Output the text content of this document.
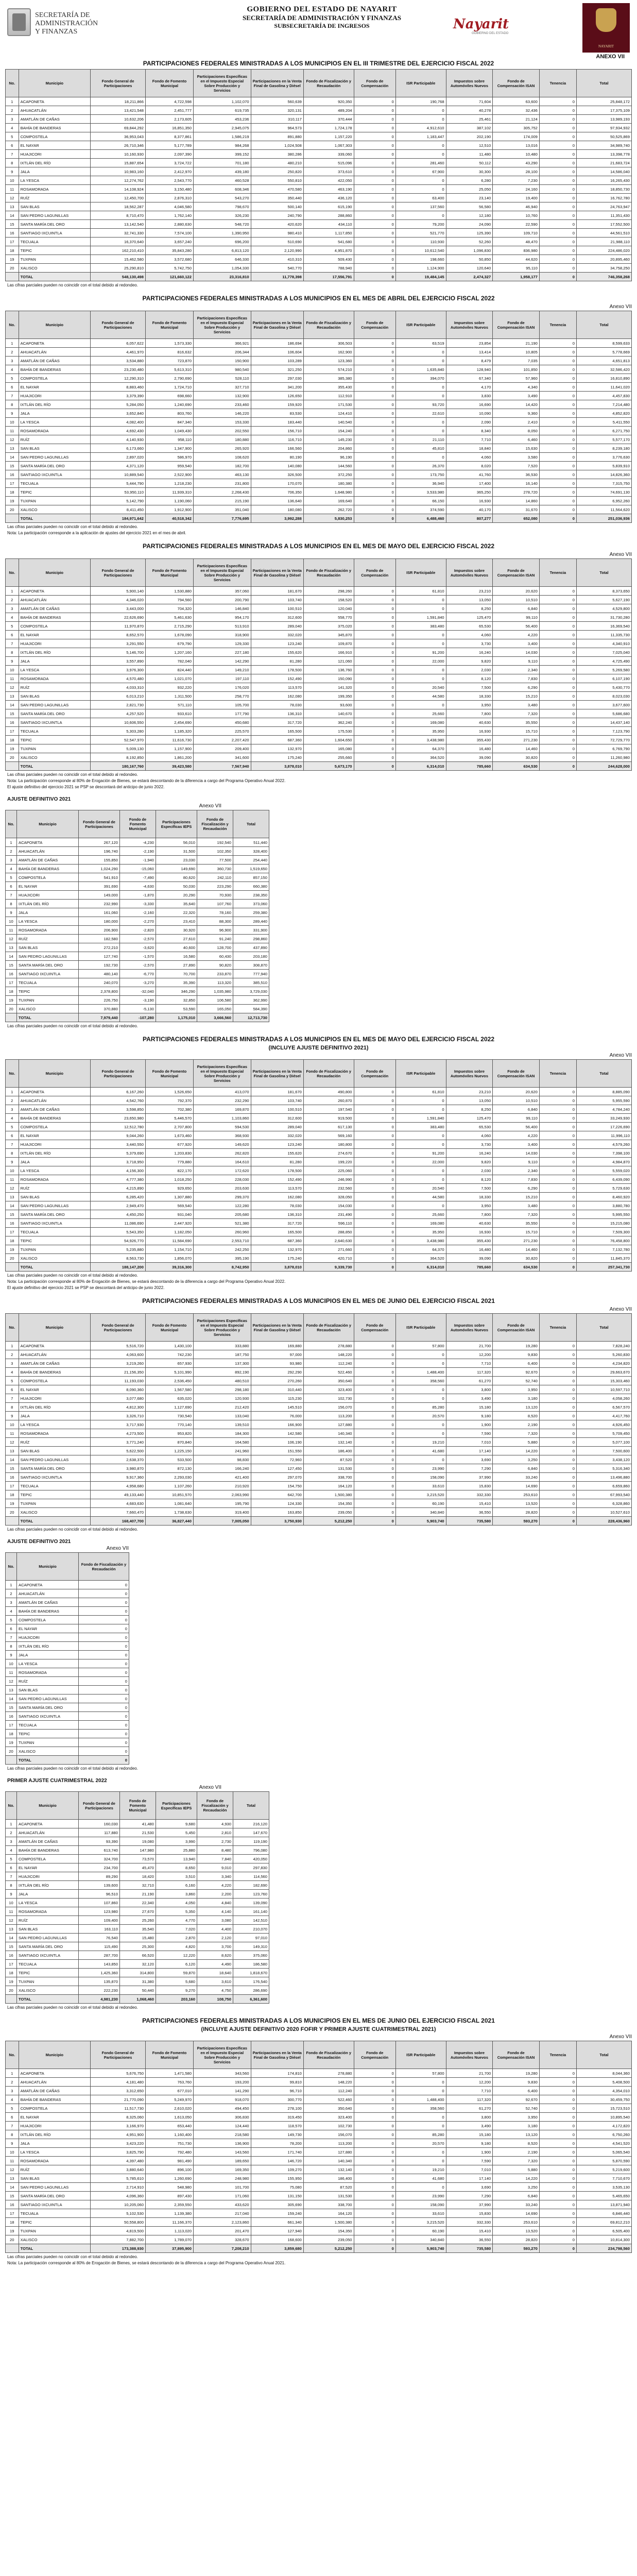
SECRETARÍA DE
ADMINISTRACIÓN
Y FINANZAS
GOBIERNO DEL ESTADO DE NAYARIT
SECRETARÍA DE ADMINISTRACIÓN Y FINANZAS
SUBSECRETARÍA DE INGRESOS	Nayarit
GOBIERNO DEL ESTADO
NAYARIT
ANEXO VII
PARTICIPACIONES FEDERALES MINISTRADAS A LOS MUNICIPIOS EN EL III TRIMESTRE DEL EJERCICIO FISCAL 2022
No.	Municipio	Fondo General de Participaciones	Fondo de Fomento Municipal	Participaciones Específicas en el Impuesto Especial Sobre Producción y Servicios	Participaciones en la Venta Final de Gasolina y Diésel	Fondo de Fiscalización y Recaudación	Fondo de Compensación	ISR Participable	Impuestos sobre Automóviles Nuevos	Fondo de Compensación ISAN	Tenencia	Total
1	ACAPONETA	18,211,866	4,722,598	1,102,070	560,639	920,350	0	190,768	71,604	63,600	0	25,848,172
2	AHUACATLÁN	13,421,548	2,451,777	619,735	320,131	489,204	0	0	40,278	32,436	0	17,375,109
3	AMATLÁN DE CAÑAS	10,632,206	2,173,605	453,236	310,117	370,444	0	0	25,461	21,124	0	13,989,193
4	BAHÍA DE BANDERAS	69,844,292	16,851,350	2,945,075	964,573	1,724,178	0	4,912,610	387,102	305,752	0	97,934,932
5	COMPOSTELA	36,953,043	8,377,861	1,586,219	891,880	1,157,220	0	1,183,447	202,190	174,009	0	50,525,869
6	EL NAYAR	26,710,346	5,177,789	984,268	1,024,508	1,067,303	0	0	12,510	13,016	0	34,989,740
7	HUAJICORI	10,160,930	2,097,390	399,152	380,286	339,060	0	0	11,480	10,480	0	13,398,778
8	IXTLÁN DEL RÍO	15,887,654	3,724,722	701,180	480,210	515,096	0	281,460	50,112	43,290	0	21,683,724
9	JALA	10,983,160	2,412,970	439,180	250,820	373,610	0	67,900	30,300	28,100	0	14,586,040
10	LA YESCA	12,274,762	2,543,770	460,528	550,810	422,050	0	0	6,280	7,230	0	16,265,430
11	ROSAMORADA	14,108,924	3,150,480	608,346	470,580	463,190	0	0	25,050	24,160	0	18,850,730
12	RUÍZ	12,450,700	2,876,310	543,270	350,440	436,120	0	63,400	23,140	19,400	0	16,762,780
13	SAN BLAS	18,562,287	4,046,580	798,670	500,140	615,190	0	137,560	56,580	46,940	0	24,763,947
14	SAN PEDRO LAGUNILLAS	8,710,470	1,762,140	326,230	240,790	288,860	0	0	12,180	10,760	0	11,351,430
15	SANTA MARÍA DEL ORO	13,142,540	2,880,630	548,720	420,620	434,110	0	79,200	24,090	22,590	0	17,552,500
16	SANTIAGO IXCUINTLA	32,741,330	7,574,100	1,390,950	980,410	1,117,850	0	521,770	125,390	109,710	0	44,561,510
17	TECUALA	16,370,640	3,657,240	696,200	510,690	541,680	0	110,930	52,260	48,470	0	21,988,110
18	TEPIC	162,210,410	35,843,280	6,813,120	2,120,990	4,951,870	0	10,612,540	1,096,830	836,980	0	224,486,020
19	TUXPAN	15,462,580	3,572,680	646,330	410,310	509,430	0	198,660	50,850	44,620	0	20,895,460
20	XALISCO	25,290,810	5,742,750	1,054,330	540,770	788,940	0	1,124,900	120,640	95,110	0	34,758,250
	TOTAL	548,130,498	121,660,122	23,316,810	11,778,398	17,556,791	0	19,484,145	2,474,327	1,958,177	0	746,358,268
Las cifras parciales pueden no coincidir con el total debido al redondeo.
PARTICIPACIONES FEDERALES MINISTRADAS A LOS MUNICIPIOS EN EL MES DE ABRIL DEL EJERCICIO FISCAL 2022
Anexo VII
No.	Municipio	Fondo General de Participaciones	Fondo de Fomento Municipal	Participaciones Específicas en el Impuesto Especial Sobre Producción y Servicios	Participaciones en la Venta Final de Gasolina y Diésel	Fondo de Fiscalización y Recaudación	Fondo de Compensación	ISR Participable	Impuestos sobre Automóviles Nuevos	Fondo de Compensación ISAN	Tenencia	Total
1	ACAPONETA	6,057,622	1,573,330	366,921	186,694	306,503	0	63,519	23,854	21,190	0	8,599,633
2	AHUACATLÁN	4,461,970	816,632	206,344	106,604	162,900	0	0	13,414	10,805	0	5,778,669
3	AMATLÁN DE CAÑAS	3,534,880	723,870	150,900	103,289	123,360	0	0	8,479	7,035	0	4,651,813
4	BAHÍA DE BANDERAS	23,230,480	5,613,310	980,540	321,250	574,210	0	1,635,840	128,940	101,850	0	32,586,420
5	COMPOSTELA	12,290,310	2,790,690	528,110	297,030	385,380	0	394,070	67,340	57,960	0	16,810,890
6	EL NAYAR	8,883,460	1,724,710	327,710	341,200	355,430	0	0	4,170	4,340	0	11,641,020
7	HUAJICORI	3,379,390	698,660	132,900	126,650	112,910	0	0	3,830	3,490	0	4,457,830
8	IXTLÁN DEL RÍO	5,284,050	1,240,690	233,460	159,920	171,530	0	93,720	16,690	14,420	0	7,214,480
9	JALA	3,652,840	803,760	146,220	83,530	124,410	0	22,610	10,090	9,360	0	4,852,820
10	LA YESCA	4,082,400	847,340	153,330	183,440	140,540	0	0	2,090	2,410	0	5,411,550
11	ROSAMORADA	4,692,430	1,049,430	202,550	156,710	154,240	0	0	8,340	8,050	0	6,271,750
12	RUÍZ	4,140,930	958,110	180,880	116,710	145,230	0	21,110	7,710	6,460	0	5,577,170
13	SAN BLAS	6,173,660	1,347,900	265,920	166,560	204,860	0	45,810	18,840	15,630	0	8,239,180
14	SAN PEDRO LAGUNILLAS	2,897,020	586,970	108,620	80,190	96,190	0	0	4,060	3,580	0	3,776,630
15	SANTA MARÍA DEL ORO	4,371,120	959,540	182,700	140,080	144,560	0	26,370	8,020	7,520	0	5,839,910
16	SANTIAGO IXCUINTLA	10,889,540	2,522,900	463,130	326,500	372,250	0	173,750	41,760	36,530	0	14,826,360
17	TECUALA	5,444,790	1,218,230	231,800	170,070	180,380	0	36,940	17,400	16,140	0	7,315,750
18	TEPIC	53,950,110	11,939,310	2,268,430	706,350	1,648,980	0	3,533,980	365,250	278,720	0	74,691,130
19	TUXPAN	5,142,790	1,190,060	215,190	136,640	169,640	0	66,150	16,930	14,860	0	6,952,260
20	XALISCO	8,411,450	1,912,900	351,040	180,080	262,720	0	374,590	40,170	31,670	0	11,564,620
	TOTAL	184,971,642	40,518,342	7,776,695	3,992,288	5,830,253	0	6,488,460	807,277	652,080	0	251,036,936
Las cifras parciales pueden no coincidir con el total debido al redondeo.
Nota: La participación corresponde a la aplicación de ajustes del ejercicio 2021 en el mes de abril.
PARTICIPACIONES FEDERALES MINISTRADAS A LOS MUNICIPIOS EN EL MES DE MAYO DEL EJERCICIO FISCAL 2022
Anexo VII
No.	Municipio	Fondo General de Participaciones	Fondo de Fomento Municipal	Participaciones Específicas en el Impuesto Especial Sobre Producción y Servicios	Participaciones en la Venta Final de Gasolina y Diésel	Fondo de Fiscalización y Recaudación	Fondo de Compensación	ISR Participable	Impuestos sobre Automóviles Nuevos	Fondo de Compensación ISAN	Tenencia	Total
1	ACAPONETA	5,900,140	1,530,880	357,060	181,670	298,260	0	61,810	23,210	20,620	0	8,373,650
2	AHUACATLÁN	4,346,020	794,560	200,790	103,740	158,520	0	0	13,050	10,510	0	5,627,190
3	AMATLÁN DE CAÑAS	3,443,000	704,320	146,840	100,510	120,040	0	0	8,250	6,840	0	4,529,800
4	BAHÍA DE BANDERAS	22,626,690	5,461,630	954,170	312,600	558,770	0	1,591,840	125,470	99,110	0	31,730,280
5	COMPOSTELA	11,970,870	2,715,290	513,910	289,040	375,020	0	383,480	65,530	56,400	0	16,369,540
6	EL NAYAR	8,652,570	1,678,090	318,900	332,020	345,870	0	0	4,060	4,220	0	11,335,730
7	HUAJICORI	3,291,550	679,790	129,330	123,240	109,870	0	0	3,730	3,400	0	4,340,910
8	IXTLÁN DEL RÍO	5,146,700	1,207,160	227,180	155,620	166,910	0	91,200	16,240	14,030	0	7,025,040
9	JALA	3,557,890	782,040	142,290	81,280	121,060	0	22,000	9,820	9,110	0	4,725,490
10	LA YESCA	3,976,300	824,440	149,210	178,500	136,760	0	0	2,030	2,340	0	5,269,580
11	ROSAMORADA	4,570,480	1,021,070	197,110	152,490	150,090	0	0	8,120	7,830	0	6,107,190
12	RUÍZ	4,033,310	932,220	176,020	113,570	141,320	0	20,540	7,500	6,290	0	5,430,770
13	SAN BLAS	6,013,210	1,311,500	258,770	162,080	199,350	0	44,580	18,330	15,210	0	8,023,030
14	SAN PEDRO LAGUNILLAS	2,821,730	571,110	105,700	78,030	93,600	0	0	3,950	3,480	0	3,677,600
15	SANTA MARÍA DEL ORO	4,257,520	933,610	177,790	136,310	140,670	0	25,660	7,800	7,320	0	5,686,680
16	SANTIAGO IXCUINTLA	10,606,550	2,454,690	450,680	317,720	362,240	0	169,080	40,630	35,550	0	14,437,140
17	TECUALA	5,303,280	1,185,320	225,570	165,500	175,530	0	35,950	16,930	15,710	0	7,123,790
18	TEPIC	52,547,970	11,616,730	2,207,420	687,360	1,604,650	0	3,438,980	355,430	271,230	0	72,729,770
19	TUXPAN	5,009,130	1,157,900	209,400	132,970	165,080	0	64,370	16,480	14,460	0	6,769,790
20	XALISCO	8,192,850	1,861,200	341,600	175,240	255,660	0	364,520	39,090	30,820	0	11,260,980
	TOTAL	180,167,760	39,423,580	7,567,940	3,878,010	5,673,170	0	6,314,010	785,660	634,530	0	244,628,000
Las cifras parciales pueden no coincidir con el total debido al redondeo.
Nota: La participación corresponde al 80% de Erogación de Bienes, se estará descontando de la diferencia a cargo del Programa Operativo Anual 2022.
El ajuste definitivo del ejercicio 2021 se PSP se descontará del anticipo de junio 2022.
AJUSTE DEFINITIVO 2021
Anexo VII
No.	Municipio	Fondo General de Participaciones	Fondo de Fomento Municipal	Participaciones Específicas IEPS	Fondo de Fiscalización y Recaudación	Total
1	ACAPONETA	267,120	-4,230	56,010	192,540	511,440
2	AHUACATLÁN	196,740	-2,190	31,500	102,350	328,400
3	AMATLÁN DE CAÑAS	155,850	-1,940	23,030	77,500	254,440
4	BAHÍA DE BANDERAS	1,024,290	-15,060	149,690	360,730	1,519,650
5	COMPOSTELA	541,910	-7,490	80,620	242,110	857,150
6	EL NAYAR	391,690	-4,630	50,030	223,290	660,380
7	HUAJICORI	149,000	-1,870	20,290	70,930	238,350
8	IXTLÁN DEL RÍO	232,990	-3,330	35,640	107,760	373,060
9	JALA	161,060	-2,160	22,320	78,160	259,380
10	LA YESCA	180,000	-2,270	23,410	88,300	289,440
11	ROSAMORADA	206,900	-2,820	30,920	96,900	331,900
12	RUÍZ	182,580	-2,570	27,610	91,240	298,860
13	SAN BLAS	272,210	-3,620	40,600	128,700	437,890
14	SAN PEDRO LAGUNILLAS	127,740	-1,570	16,580	60,430	203,180
15	SANTA MARÍA DEL ORO	192,730	-2,570	27,890	90,820	308,870
16	SANTIAGO IXCUINTLA	480,140	-6,770	70,700	233,870	777,940
17	TECUALA	240,070	-3,270	35,390	113,320	385,510
18	TEPIC	2,378,800	-32,040	346,290	1,035,980	3,729,030
19	TUXPAN	226,750	-3,190	32,850	106,580	362,990
20	XALISCO	370,880	-5,130	53,590	165,050	584,390
	TOTAL	7,979,440	-107,280	1,175,010	3,666,560	12,713,730
Las cifras parciales pueden no coincidir con el total debido al redondeo.
PARTICIPACIONES FEDERALES MINISTRADAS A LOS MUNICIPIOS EN EL MES DE MAYO DEL EJERCICIO FISCAL 2022
(INCLUYE AJUSTE DEFINITIVO 2021)
Anexo VII
No.	Municipio	Fondo General de Participaciones	Fondo de Fomento Municipal	Participaciones Específicas en el Impuesto Especial Sobre Producción y Servicios	Participaciones en la Venta Final de Gasolina y Diésel	Fondo de Fiscalización y Recaudación	Fondo de Compensación	ISR Participable	Impuestos sobre Automóviles Nuevos	Fondo de Compensación ISAN	Tenencia	Total
1	ACAPONETA	6,167,260	1,526,650	413,070	181,670	490,800	0	61,810	23,210	20,620	0	8,885,090
2	AHUACATLÁN	4,542,760	792,370	232,290	103,740	260,870	0	0	13,050	10,510	0	5,955,590
3	AMATLÁN DE CAÑAS	3,598,850	702,380	169,870	100,510	197,540	0	0	8,250	6,840	0	4,784,240
4	BAHÍA DE BANDERAS	23,650,980	5,446,570	1,103,860	312,600	919,500	0	1,591,840	125,470	99,110	0	33,249,930
5	COMPOSTELA	12,512,780	2,707,800	594,530	289,040	617,130	0	383,480	65,530	56,400	0	17,226,690
6	EL NAYAR	9,044,260	1,673,460	368,930	332,020	569,160	0	0	4,060	4,220	0	11,996,110
7	HUAJICORI	3,440,550	677,920	149,620	123,240	180,800	0	0	3,730	3,400	0	4,579,260
8	IXTLÁN DEL RÍO	5,379,690	1,203,830	262,820	155,620	274,670	0	91,200	16,240	14,030	0	7,398,100
9	JALA	3,718,950	779,880	164,610	81,280	199,220	0	22,000	9,820	9,110	0	4,984,870
10	LA YESCA	4,156,300	822,170	172,620	178,500	225,060	0	0	2,030	2,340	0	5,559,020
11	ROSAMORADA	4,777,380	1,018,250	228,030	152,490	246,990	0	0	8,120	7,830	0	6,439,090
12	RUÍZ	4,215,890	929,650	203,630	113,570	232,560	0	20,540	7,500	6,290	0	5,729,630
13	SAN BLAS	6,285,420	1,307,880	299,370	162,080	328,050	0	44,580	18,330	15,210	0	8,460,920
14	SAN PEDRO LAGUNILLAS	2,949,470	569,540	122,280	78,030	154,030	0	0	3,950	3,480	0	3,880,780
15	SANTA MARÍA DEL ORO	4,450,250	931,040	205,680	136,310	231,490	0	25,660	7,800	7,320	0	5,995,550
16	SANTIAGO IXCUINTLA	11,086,690	2,447,920	521,380	317,720	596,110	0	169,080	40,630	35,550	0	15,215,080
17	TECUALA	5,543,350	1,182,050	260,960	165,500	288,850	0	35,950	16,930	15,710	0	7,509,300
18	TEPIC	54,926,770	11,584,690	2,553,710	687,360	2,640,630	0	3,438,980	355,430	271,230	0	76,458,800
19	TUXPAN	5,235,880	1,154,710	242,250	132,970	271,660	0	64,370	16,480	14,460	0	7,132,780
20	XALISCO	8,563,730	1,856,070	395,190	175,240	420,710	0	364,520	39,090	30,820	0	11,845,370
	TOTAL	188,147,200	39,316,300	8,742,950	3,878,010	9,339,730	0	6,314,010	785,660	634,530	0	257,341,730
Las cifras parciales pueden no coincidir con el total debido al redondeo.
Nota: La participación corresponde al 80% de Erogación de Bienes, se estará descontando de la diferencia a cargo del Programa Operativo Anual 2022.
El ajuste definitivo del ejercicio 2021 se PSP se descontará del anticipo de junio 2022.
PARTICIPACIONES FEDERALES MINISTRADAS A LOS MUNICIPIOS EN EL MES DE JUNIO DEL EJERCICIO FISCAL 2021
Anexo VII
No.	Municipio	Fondo General de Participaciones	Fondo de Fomento Municipal	Participaciones Específicas en el Impuesto Especial Sobre Producción y Servicios	Participaciones en la Venta Final de Gasolina y Diésel	Fondo de Fiscalización y Recaudación	Fondo de Compensación	ISR Participable	Impuestos sobre Automóviles Nuevos	Fondo de Compensación ISAN	Tenencia	Total
1	ACAPONETA	5,516,720	1,430,100	333,880	169,880	278,880	0	57,800	21,700	19,280	0	7,828,240
2	AHUACATLÁN	4,063,600	742,230	187,750	97,000	148,220	0	0	12,200	9,830	0	5,260,830
3	AMATLÁN DE CAÑAS	3,219,260	657,930	137,300	93,980	112,240	0	0	7,710	6,400	0	4,234,820
4	BAHÍA DE BANDERAS	21,156,350	5,101,990	892,190	292,290	522,460	0	1,488,400	117,320	92,670	0	29,663,670
5	COMPOSTELA	11,193,030	2,536,450	480,510	270,260	350,640	0	358,560	61,270	52,740	0	15,303,460
6	EL NAYAR	8,090,360	1,567,580	298,180	310,440	323,400	0	0	3,800	3,950	0	10,597,710
7	HUAJICORI	3,077,680	635,020	120,930	115,230	102,730	0	0	3,490	3,180	0	4,058,260
8	IXTLÁN DEL RÍO	4,812,300	1,127,690	212,420	145,510	156,070	0	85,280	15,180	13,120	0	6,567,570
9	JALA	3,326,710	730,540	133,040	76,000	113,200	0	20,570	9,180	8,520	0	4,417,760
10	LA YESCA	3,717,930	770,140	139,510	166,900	127,880	0	0	1,900	2,190	0	4,926,450
11	ROSAMORADA	4,273,500	953,820	184,300	142,580	140,340	0	0	7,590	7,320	0	5,709,450
12	RUÍZ	3,771,240	870,840	164,580	106,190	132,140	0	19,210	7,010	5,880	0	5,077,100
13	SAN BLAS	5,622,500	1,225,150	241,960	151,550	186,400	0	41,680	17,140	14,220	0	7,500,600
14	SAN PEDRO LAGUNILLAS	2,638,370	533,500	98,830	72,960	87,520	0	0	3,690	3,250	0	3,438,120
15	SANTA MARÍA DEL ORO	3,980,870	872,130	166,240	127,450	131,530	0	23,990	7,290	6,840	0	5,316,340
16	SANTIAGO IXCUINTLA	9,917,360	2,293,030	421,400	297,070	338,700	0	158,090	37,990	33,240	0	13,496,880
17	TECUALA	4,958,680	1,107,260	210,920	154,750	164,120	0	33,610	15,830	14,690	0	6,659,860
18	TEPIC	49,133,440	10,851,570	2,063,990	642,700	1,500,380	0	3,215,520	332,330	253,610	0	67,993,540
19	TUXPAN	4,683,630	1,081,640	195,790	124,330	154,350	0	60,190	15,410	13,520	0	6,328,860
20	XALISCO	7,660,470	1,738,630	319,400	163,850	239,050	0	340,840	36,550	28,820	0	10,527,610
	TOTAL	168,407,700	36,827,440	7,005,050	3,750,930	5,212,250	0	5,903,740	735,580	593,270	0	228,436,960
Las cifras parciales pueden no coincidir con el total debido al redondeo.
AJUSTE DEFINITIVO 2021
Anexo VII
No.	Municipio	Fondo de Fiscalización y Recaudación
1	ACAPONETA	0
2	AHUACATLÁN	0
3	AMATLÁN DE CAÑAS	0
4	BAHÍA DE BANDERAS	0
5	COMPOSTELA	0
6	EL NAYAR	0
7	HUAJICORI	0
8	IXTLÁN DEL RÍO	0
9	JALA	0
10	LA YESCA	0
11	ROSAMORADA	0
12	RUÍZ	0
13	SAN BLAS	0
14	SAN PEDRO LAGUNILLAS	0
15	SANTA MARÍA DEL ORO	0
16	SANTIAGO IXCUINTLA	0
17	TECUALA	0
18	TEPIC	0
19	TUXPAN	0
20	XALISCO	0
	TOTAL	0
Las cifras parciales pueden no coincidir con el total debido al redondeo.
PRIMER AJUSTE CUATRIMESTRAL 2022
Anexo VII
No.	Municipio	Fondo General de Participaciones	Fondo de Fomento Municipal	Participaciones Específicas IEPS	Fondo de Fiscalización y Recaudación	Total
1	ACAPONETA	160,030	41,480	9,680	4,930	216,120
2	AHUACATLÁN	117,880	21,530	5,450	2,810	147,670
3	AMATLÁN DE CAÑAS	93,390	19,080	3,990	2,730	119,190
4	BAHÍA DE BANDERAS	613,740	147,980	25,880	8,480	796,080
5	COMPOSTELA	324,700	73,570	13,940	7,840	420,050
6	EL NAYAR	234,700	45,470	8,650	9,010	297,830
7	HUAJICORI	89,290	18,420	3,510	3,340	114,560
8	IXTLÁN DEL RÍO	139,600	32,710	6,160	4,220	182,690
9	JALA	96,510	21,190	3,860	2,200	123,760
10	LA YESCA	107,860	22,340	4,050	4,840	139,090
11	ROSAMORADA	123,980	27,670	5,350	4,140	161,140
12	RUÍZ	109,400	25,260	4,770	3,080	142,510
13	SAN BLAS	163,110	35,540	7,020	4,400	210,070
14	SAN PEDRO LAGUNILLAS	76,540	15,480	2,870	2,120	97,010
15	SANTA MARÍA DEL ORO	115,490	25,300	4,820	3,700	149,310
16	SANTIAGO IXCUINTLA	287,700	66,520	12,220	8,620	375,060
17	TECUALA	143,850	32,120	6,120	4,490	186,580
18	TEPIC	1,425,360	314,800	59,870	18,640	1,818,670
19	TUXPAN	135,870	31,380	5,680	3,610	176,540
20	XALISCO	222,230	50,440	9,270	4,750	286,690
	TOTAL	4,981,230	1,068,460	203,160	108,750	6,361,600
Las cifras parciales pueden no coincidir con el total debido al redondeo.
PARTICIPACIONES FEDERALES MINISTRADAS A LOS MUNICIPIOS EN EL MES DE JUNIO DEL EJERCICIO FISCAL 2021
(INCLUYE AJUSTE DEFINITIVO 2020 FOFIR Y PRIMER AJUSTE CUATRIMESTRAL 2021)
Anexo VII
No.	Municipio	Fondo General de Participaciones	Fondo de Fomento Municipal	Participaciones Específicas en el Impuesto Especial Sobre Producción y Servicios	Participaciones en la Venta Final de Gasolina y Diésel	Fondo de Fiscalización y Recaudación	Fondo de Compensación	ISR Participable	Impuestos sobre Automóviles Nuevos	Fondo de Compensación ISAN	Tenencia	Total
1	ACAPONETA	5,676,750	1,471,580	343,560	174,810	278,880	0	57,800	21,700	19,280	0	8,044,360
2	AHUACATLÁN	4,181,480	763,760	193,200	99,810	148,220	0	0	12,200	9,830	0	5,408,500
3	AMATLÁN DE CAÑAS	3,312,650	677,010	141,290	96,710	112,240	0	0	7,710	6,400	0	4,354,010
4	BAHÍA DE BANDERAS	21,770,090	5,249,970	918,070	300,770	522,460	0	1,488,400	117,320	92,670	0	30,459,750
5	COMPOSTELA	11,517,730	2,610,020	494,450	278,100	350,640	0	358,560	61,270	52,740	0	15,723,510
6	EL NAYAR	8,325,060	1,613,050	306,830	319,450	323,400	0	0	3,800	3,950	0	10,895,540
7	HUAJICORI	3,166,970	653,440	124,440	118,570	102,730	0	0	3,490	3,180	0	4,172,820
8	IXTLÁN DEL RÍO	4,951,900	1,160,400	218,580	149,730	156,070	0	85,280	15,180	13,120	0	6,750,260
9	JALA	3,423,220	751,730	136,900	78,200	113,200	0	20,570	9,180	8,520	0	4,541,520
10	LA YESCA	3,825,790	792,480	143,560	171,740	127,880	0	0	1,900	2,190	0	5,065,540
11	ROSAMORADA	4,397,480	981,490	189,650	146,720	140,340	0	0	7,590	7,320	0	5,870,590
12	RUÍZ	3,880,640	896,100	169,350	109,270	132,140	0	19,210	7,010	5,880	0	5,219,600
13	SAN BLAS	5,785,610	1,260,690	248,980	155,950	186,400	0	41,680	17,140	14,220	0	7,710,670
14	SAN PEDRO LAGUNILLAS	2,714,910	548,980	101,700	75,080	87,520	0	0	3,690	3,250	0	3,535,130
15	SANTA MARÍA DEL ORO	4,096,360	897,430	171,060	131,150	131,530	0	23,990	7,290	6,840	0	5,465,650
16	SANTIAGO IXCUINTLA	10,205,060	2,359,550	433,620	305,690	338,700	0	158,090	37,990	33,240	0	13,871,940
17	TECUALA	5,102,530	1,139,380	217,040	159,240	164,120	0	33,610	15,830	14,690	0	6,846,440
18	TEPIC	50,558,800	11,166,370	2,123,860	661,340	1,500,380	0	3,215,520	332,330	253,610	0	69,812,210
19	TUXPAN	4,819,500	1,113,020	201,470	127,940	154,350	0	60,190	15,410	13,520	0	6,505,400
20	XALISCO	7,882,700	1,789,070	328,670	168,600	239,050	0	340,840	36,550	28,820	0	10,814,300
	TOTAL	173,388,930	37,895,900	7,208,210	3,859,680	5,212,250	0	5,903,740	735,580	593,270	0	234,798,560
Las cifras parciales pueden no coincidir con el total debido al redondeo.
Nota: La participación corresponde al 80% de Erogación de Bienes, se estará descontando de la diferencia a cargo del Programa Operativo Anual 2021.
